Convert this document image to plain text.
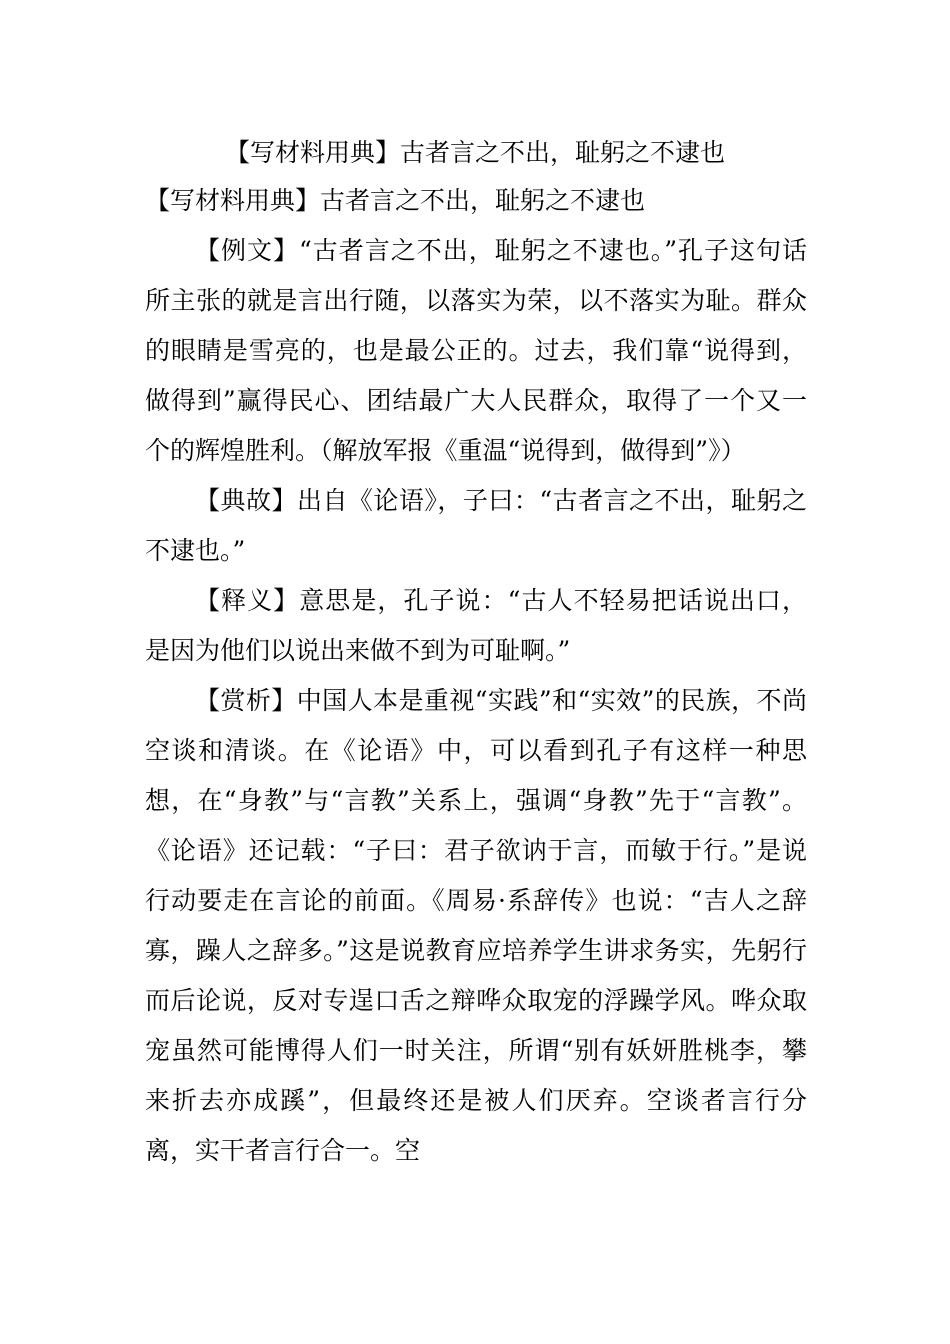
【写材料用典】古者言之不出，耻躬之不逮也

【写材料用典】古者言之不出，耻躬之不逮也

【例文】“古者言之不出，耻躬之不逮也。”孔子这句话所主张的就是言出行随，以落实为荣，以不落实为耻。群众的眼睛是雪亮的，也是最公正的。过去，我们靠“说得到，做得到”赢得民心、团结最广大人民群众，取得了一个又一个的辉煌胜利。（解放军报《重温“说得到，做得到”》）

【典故】出自《论语》，子曰：“古者言之不出，耻躬之不逮也。”

【释义】意思是，孔子说：“古人不轻易把话说出口，是因为他们以说出来做不到为可耻啊。”

【赏析】中国人本是重视“实践”和“实效”的民族，不尚空谈和清谈。在《论语》中，可以看到孔子有这样一种思想，在“身教”与“言教”关系上，强调“身教”先于“言教”。 《论语》还记载：“子曰：君子欲讷于言，而敏于行。”是说行动要走在言论的前面。《周易·系辞传》也说：“吉人之辞寡，躁人之辞多。”这是说教育应培养学生讲求务实，先躬行而后论说，反对专逞口舌之辩哗众取宠的浮躁学风。哗众取宠虽然可能博得人们一时关注，所谓“别有妖妍胜桃李，攀来折去亦成蹊”，但最终还是被人们厌弃。空谈者言行分离，实干者言行合一。空
